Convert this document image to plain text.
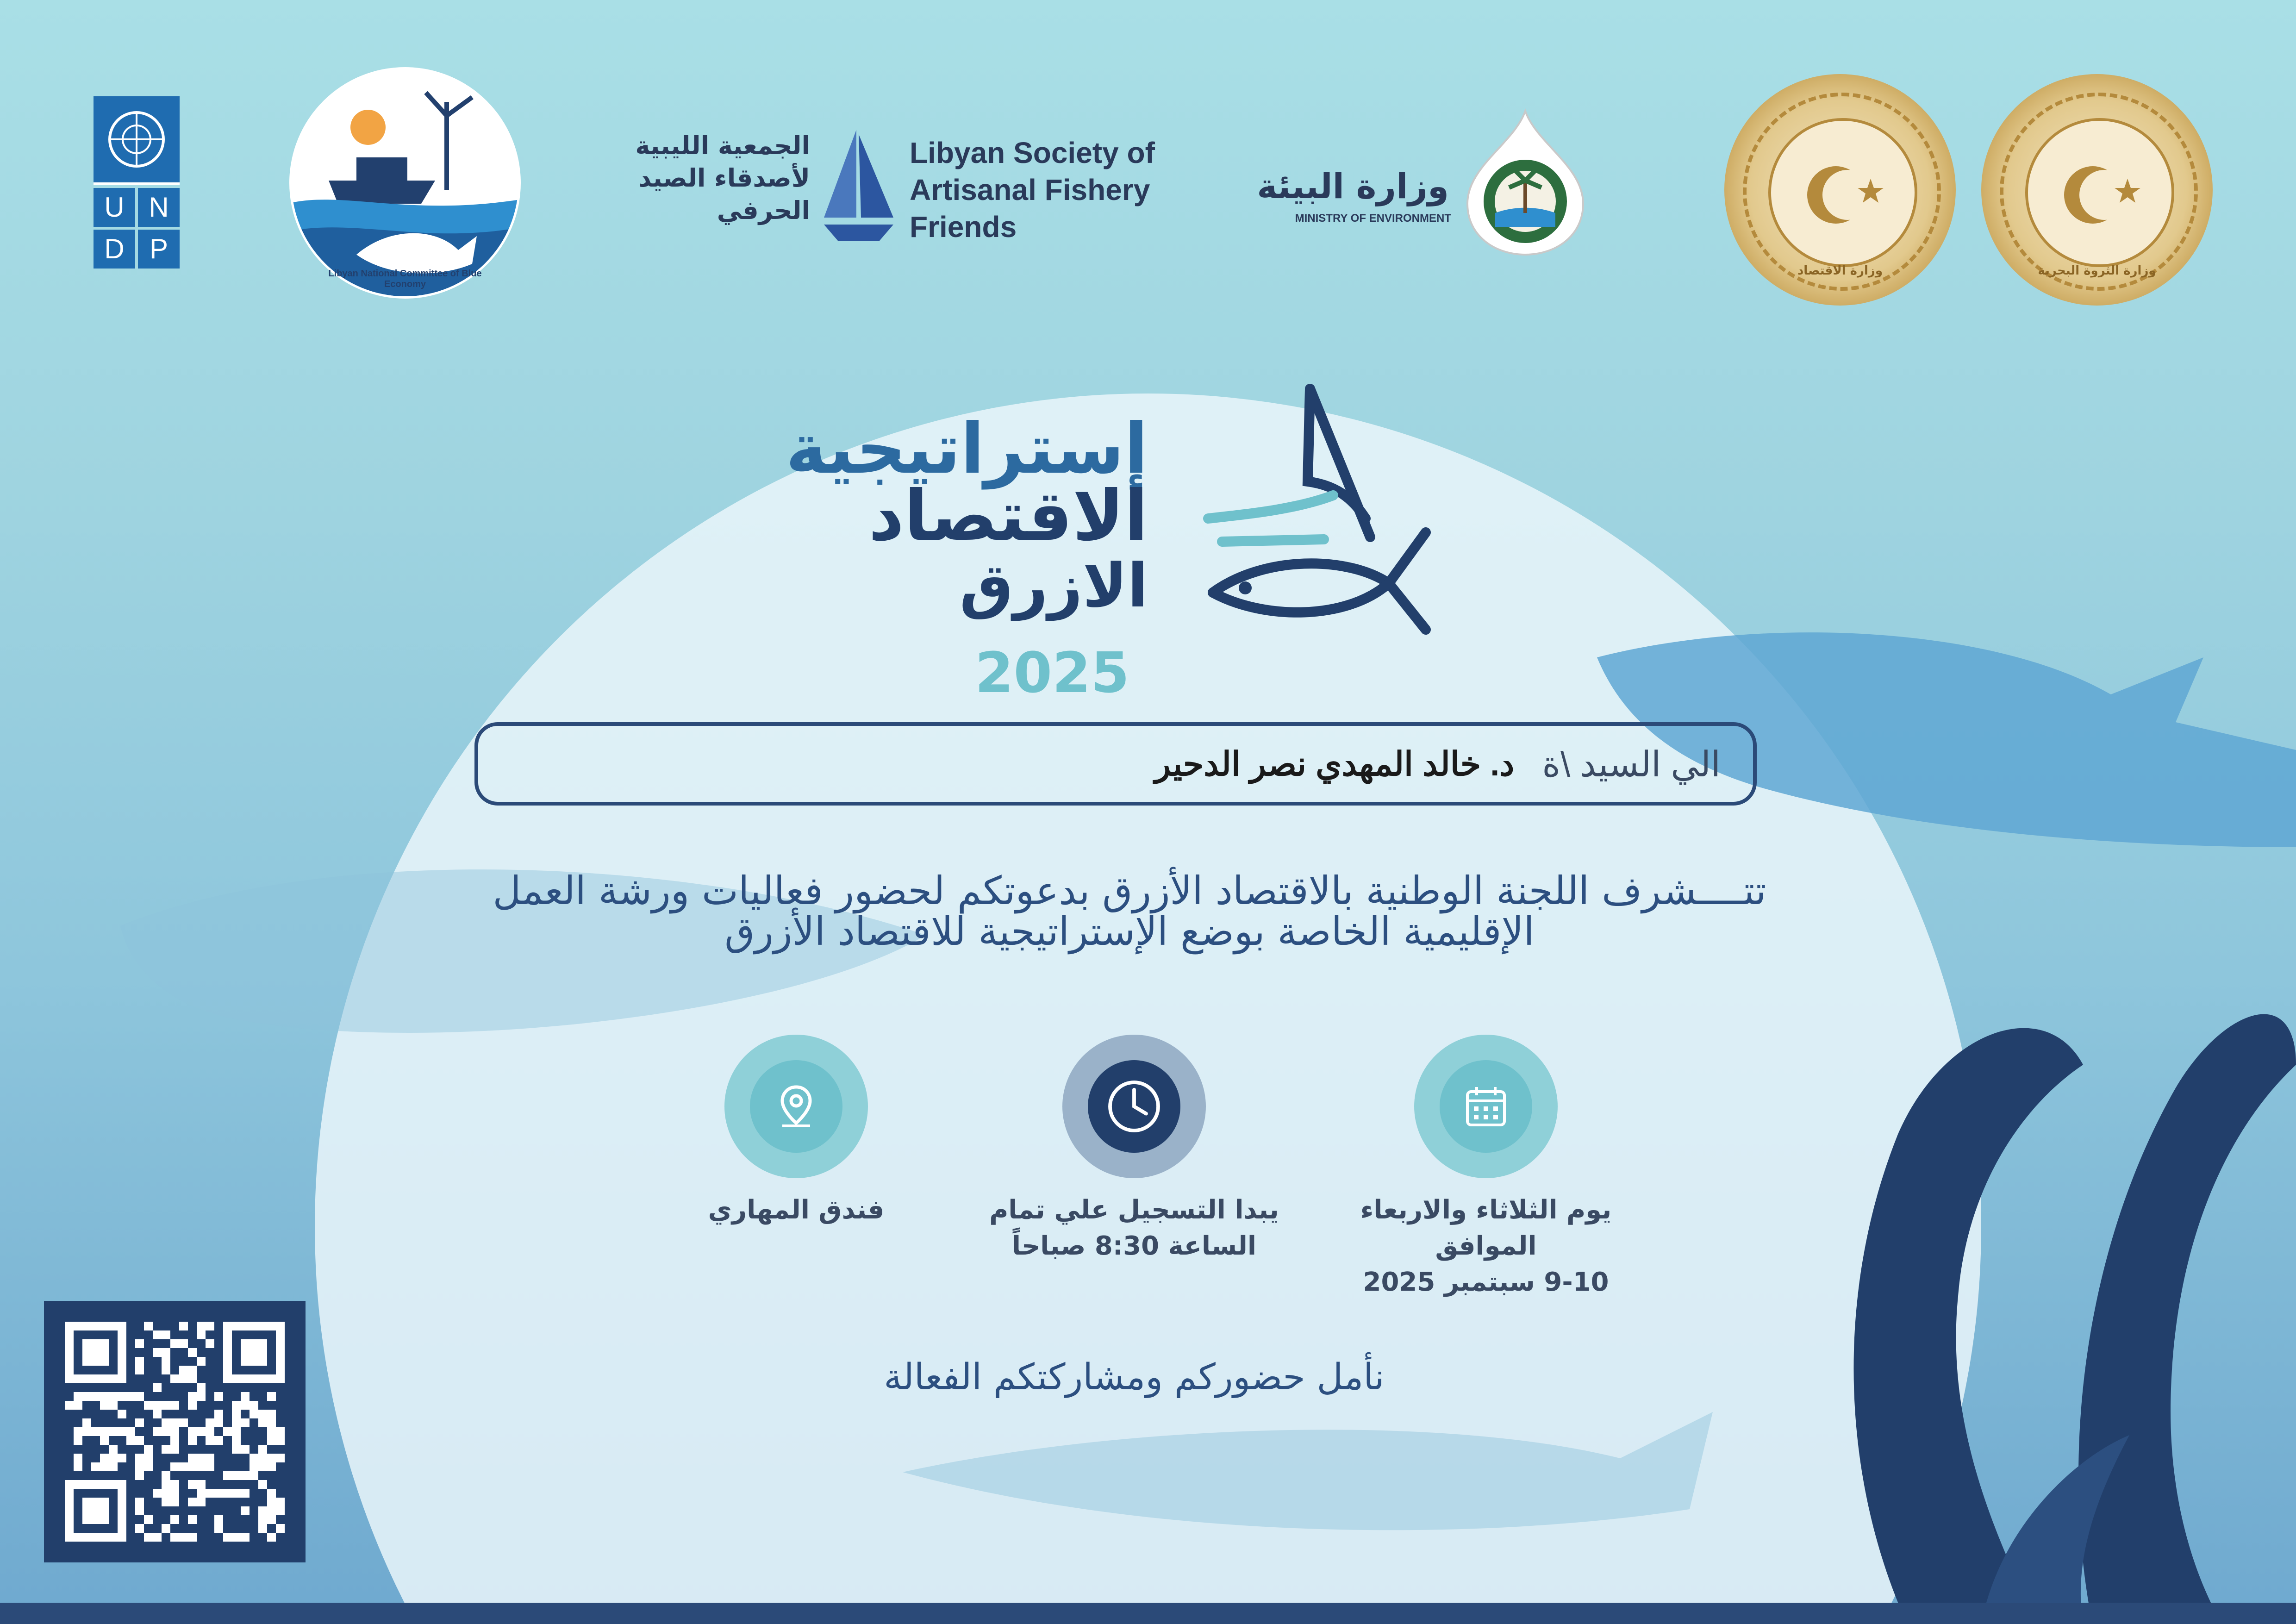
U N
D P
Libyan National Committee of Blue Economy
الجمعية الليبية
لأصدقاء الصيد
الحرفي
Libyan Society of
Artisanal Fishery
Friends
وزارة البيئة
MINISTRY OF ENVIRONMENT
وزارة الاقتصاد	وزارة الثروة البحرية
إستراتيجية
الاقتصاد
الازرق 2025
الي السيد \ة
د. خالد المهدي نصر الدحير
تتــــشرف اللجنة الوطنية بالاقتصاد الأزرق بدعوتكم لحضور فعاليات ورشة العمل
الإقليمية الخاصة بوضع الإستراتيجية للاقتصاد الأزرق
فندق المهاري	يبدا التسجيل علي تمام
الساعة 8:30 صباحاً
يوم الثلاثاء والاربعاء
الموافق
9-10 سبتمبر 2025
نأمل حضوركم ومشاركتكم الفعالة
